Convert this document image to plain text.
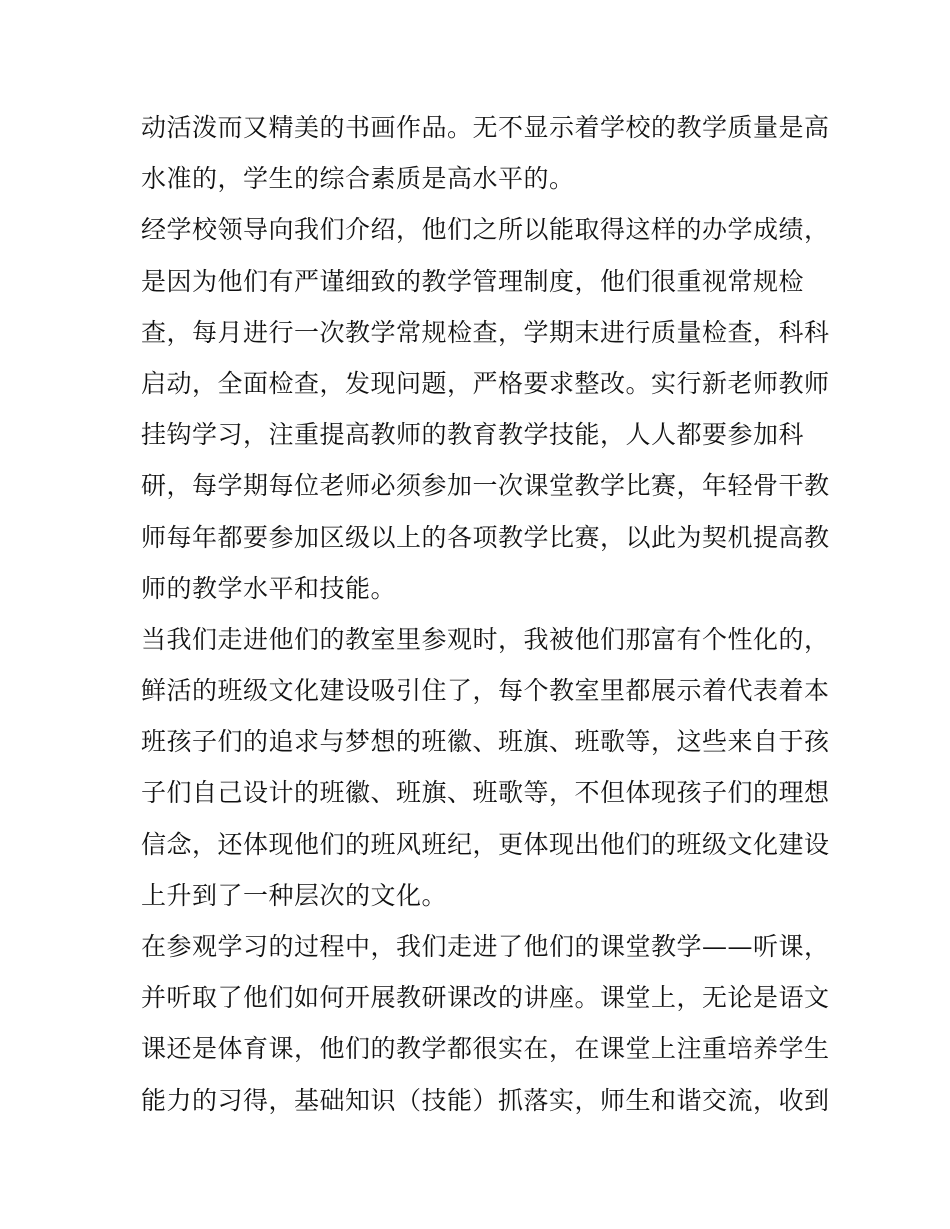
动活泼而又精美的书画作品。无不显示着学校的教学质量是高
水准的，学生的综合素质是高水平的。
经学校领导向我们介绍，他们之所以能取得这样的办学成绩，
是因为他们有严谨细致的教学管理制度，他们很重视常规检
查，每月进行一次教学常规检查，学期末进行质量检查，科科
启动，全面检查，发现问题，严格要求整改。实行新老师教师
挂钩学习，注重提高教师的教育教学技能，人人都要参加科
研，每学期每位老师必须参加一次课堂教学比赛，年轻骨干教
师每年都要参加区级以上的各项教学比赛，以此为契机提高教
师的教学水平和技能。
当我们走进他们的教室里参观时，我被他们那富有个性化的，
鲜活的班级文化建设吸引住了，每个教室里都展示着代表着本
班孩子们的追求与梦想的班徽、班旗、班歌等，这些来自于孩
子们自己设计的班徽、班旗、班歌等，不但体现孩子们的理想
信念，还体现他们的班风班纪，更体现出他们的班级文化建设
上升到了一种层次的文化。
在参观学习的过程中，我们走进了他们的课堂教学——听课，
并听取了他们如何开展教研课改的讲座。课堂上，无论是语文
课还是体育课，他们的教学都很实在，在课堂上注重培养学生
能力的习得，基础知识（技能）抓落实，师生和谐交流，收到
